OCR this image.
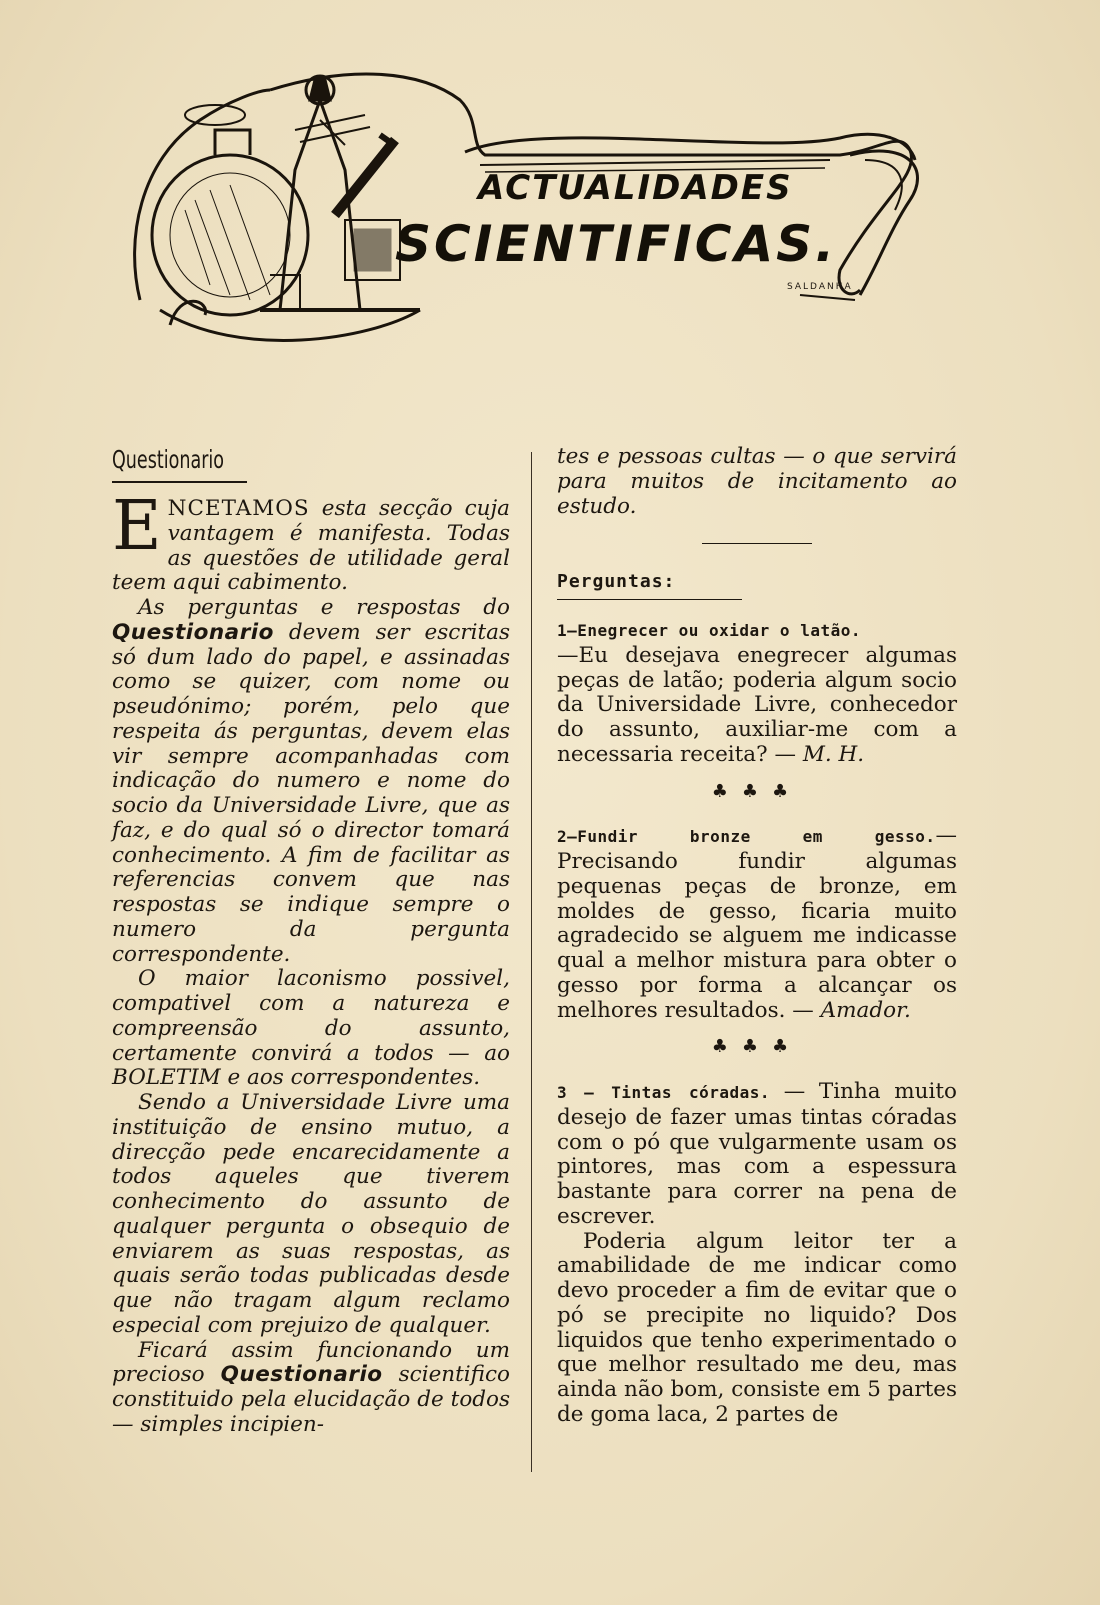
ACTUALIDADES
SCIENTIFICAS.
SALDANHA
Questionario

ENCETAMOS esta secção cuja vantagem é manifesta. Todas as questões de utilidade geral teem aqui cabimento.

As perguntas e respostas do Questionario devem ser escritas só dum lado do papel, e assinadas como se quizer, com nome ou pseudónimo; porém, pelo que respeita ás perguntas, devem elas vir sempre acompanhadas com indicação do numero e nome do socio da Universidade Livre, que as faz, e do qual só o director tomará conhecimento. A fim de facilitar as referencias convem que nas respostas se indique sempre o numero da pergunta correspondente.

O maior laconismo possivel, compativel com a natureza e compreensão do assunto, certamente convirá a todos — ao BOLETIM e aos correspondentes.

Sendo a Universidade Livre uma instituição de ensino mutuo, a direcção pede encarecidamente a todos aqueles que tiverem conhecimento do assunto de qualquer pergunta o obsequio de enviarem as suas respostas, as quais serão todas publicadas desde que não tragam algum reclamo especial com prejuizo de qualquer.

Ficará assim funcionando um precioso Questionario scientifico constituido pela elucidação de todos — simples incipien-

tes e pessoas cultas — o que servirá para muitos de incitamento ao estudo.

Perguntas:

1—Enegrecer ou oxidar o latão.
—Eu desejava enegrecer algumas peças de latão; poderia algum socio da Universidade Livre, conhecedor do assunto, auxiliar-me com a necessaria receita? — M. H.

♣♣♣

2—Fundir bronze em gesso.— Precisando fundir algumas pequenas peças de bronze, em moldes de gesso, ficaria muito agradecido se alguem me indicasse qual a melhor mistura para obter o gesso por forma a alcançar os melhores resultados. — Amador.

♣♣♣

3 — Tintas córadas. — Tinha muito desejo de fazer umas tintas córadas com o pó que vulgarmente usam os pintores, mas com a espessura bastante para correr na pena de escrever.

Poderia algum leitor ter a amabilidade de me indicar como devo proceder a fim de evitar que o pó se precipite no liquido? Dos liquidos que tenho experimentado o que melhor resultado me deu, mas ainda não bom, consiste em 5 partes de goma laca, 2 partes de
